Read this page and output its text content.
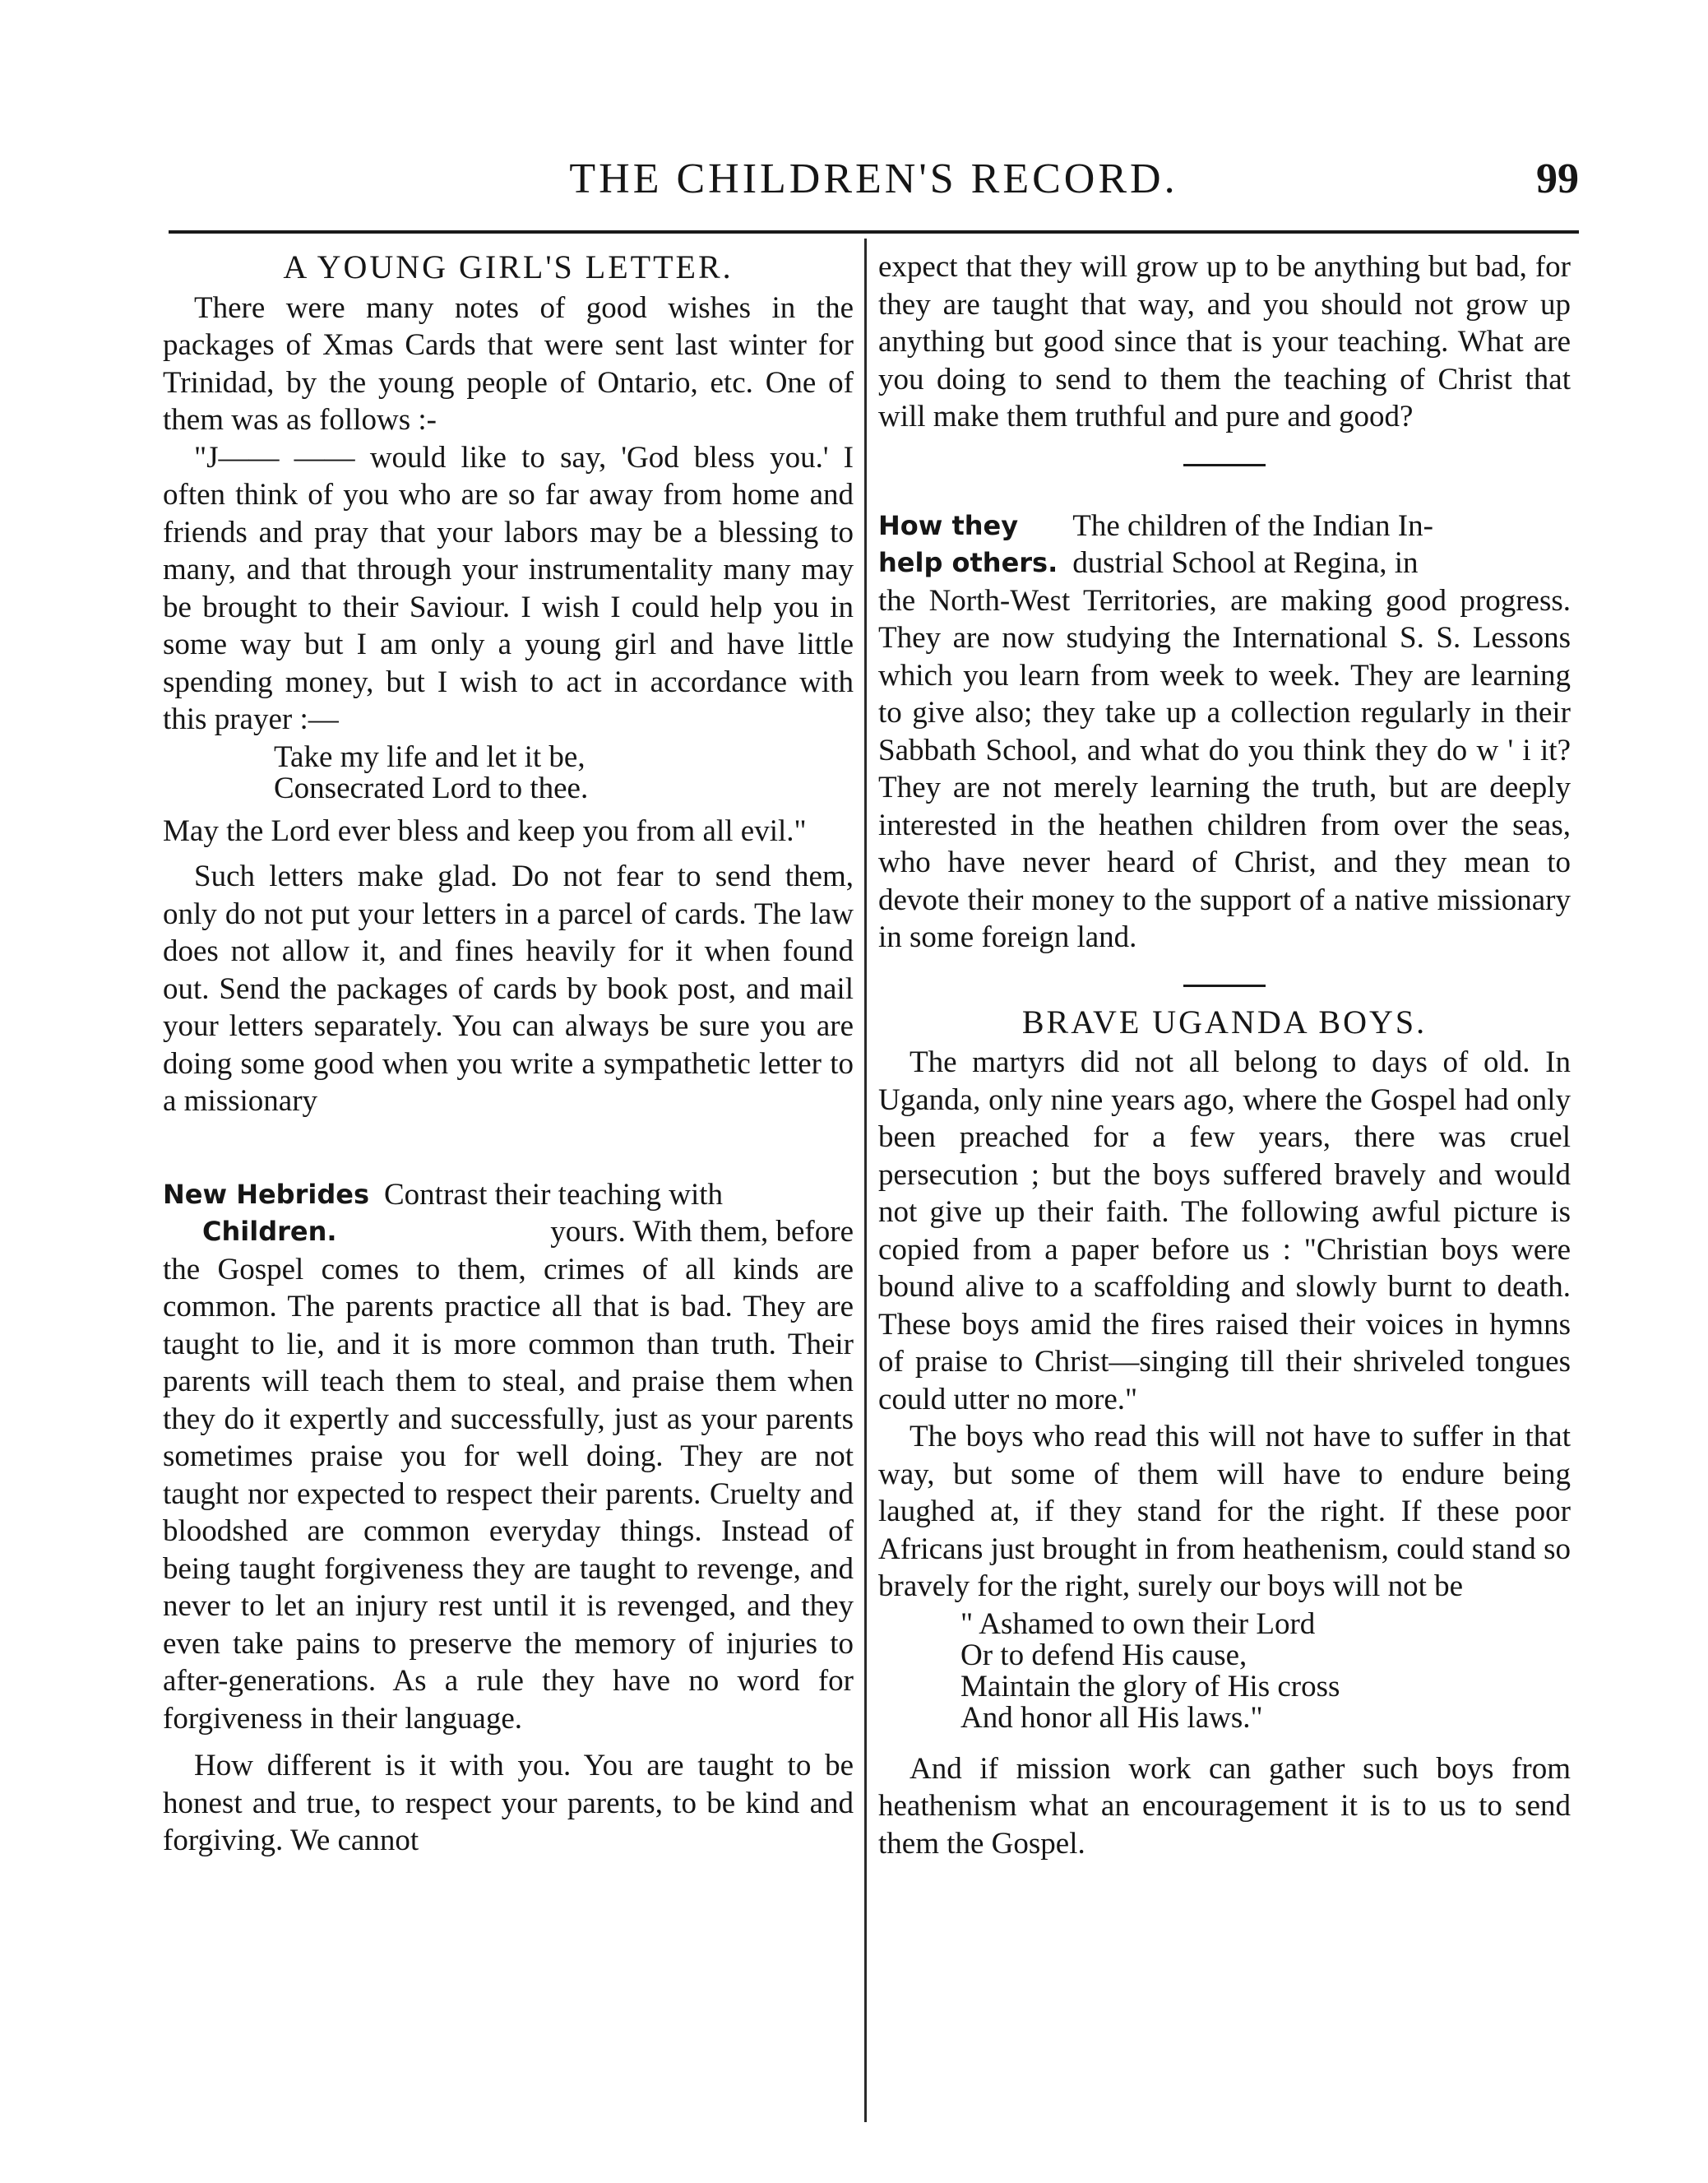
THE CHILDREN'S RECORD.	99
A YOUNG GIRL'S LETTER.

There were many notes of good wishes in the packages of Xmas Cards that were sent last winter for Trinidad, by the young people of Ontario, etc. One of them was as follows :-

"J—— —— would like to say, 'God bless you.' I often think of you who are so far away from home and friends and pray that your labors may be a blessing to many, and that through your instrumentality many may be brought to their Saviour. I wish I could help you in some way but I am only a young girl and have little spending money, but I wish to act in accordance with this prayer :—

Take my life and let it be,
Consecrated Lord to thee.

May the Lord ever bless and keep you from all evil."

Such letters make glad. Do not fear to send them, only do not put your letters in a parcel of cards. The law does not allow it, and fines heavily for it when found out. Send the packages of cards by book post, and mail your letters separately. You can always be sure you are doing some good when you write a sympathetic letter to a missionary

New Hebrides
Children.
Contrast their teaching with
yours. With them, before

the Gospel comes to them, crimes of all kinds are common. The parents practice all that is bad. They are taught to lie, and it is more common than truth. Their parents will teach them to steal, and praise them when they do it expertly and successfully, just as your parents sometimes praise you for well doing. They are not taught nor expected to respect their parents. Cruelty and bloodshed are common everyday things. Instead of being taught forgiveness they are taught to revenge, and never to let an injury rest until it is revenged, and they even take pains to preserve the memory of injuries to after-generations. As a rule they have no word for forgiveness in their language.

How different is it with you. You are taught to be honest and true, to respect your parents, to be kind and forgiving. We cannot

expect that they will grow up to be anything but bad, for they are taught that way, and you should not grow up anything but good since that is your teaching. What are you doing to send to them the teaching of Christ that will make them truthful and pure and good?

How they
help others.
The children of the Indian In-
dustrial School at Regina, in

the North-West Territories, are making good progress. They are now studying the International S. S. Lessons which you learn from week to week. They are learning to give also; they take up a collection regularly in their Sabbath School, and what do you think they do w ' i it? They are not merely learning the truth, but are deeply interested in the heathen children from over the seas, who have never heard of Christ, and they mean to devote their money to the support of a native missionary in some foreign land.

BRAVE UGANDA BOYS.

The martyrs did not all belong to days of old. In Uganda, only nine years ago, where the Gospel had only been preached for a few years, there was cruel persecution ; but the boys suffered bravely and would not give up their faith. The following awful picture is copied from a paper before us : "Christian boys were bound alive to a scaffolding and slowly burnt to death. These boys amid the fires raised their voices in hymns of praise to Christ—singing till their shriveled tongues could utter no more."

The boys who read this will not have to suffer in that way, but some of them will have to endure being laughed at, if they stand for the right. If these poor Africans just brought in from heathenism, could stand so bravely for the right, surely our boys will not be

" Ashamed to own their Lord
Or to defend His cause,
Maintain the glory of His cross
And honor all His laws."

And if mission work can gather such boys from heathenism what an encouragement it is to us to send them the Gospel.
